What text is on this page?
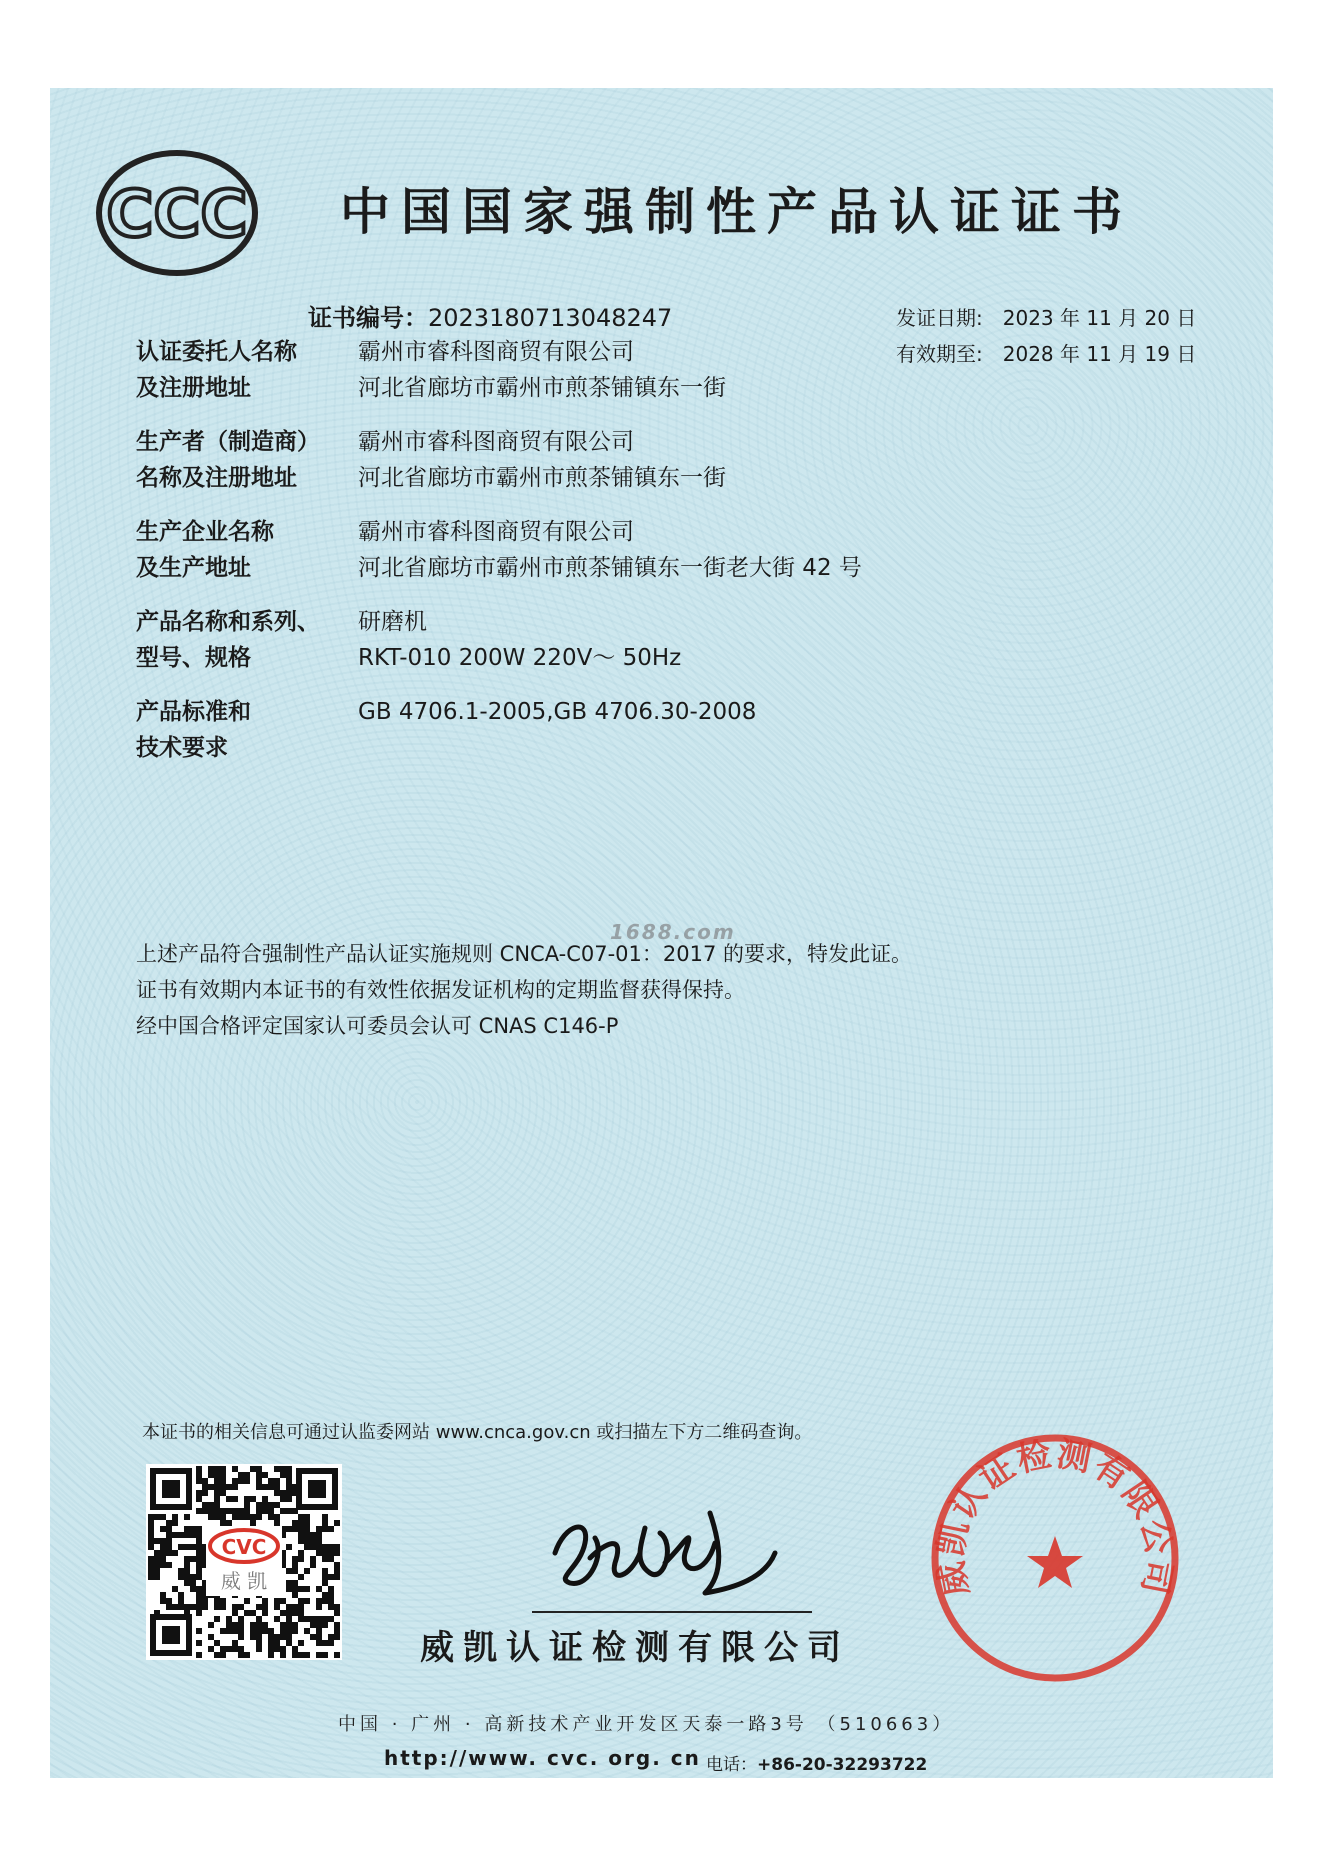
CCC 中国国家强制性产品认证证书
证书编号：2023180713048247	发证日期: 2023 年 11 月 20 日
有效期至: 2028 年 11 月 19 日
认证委托人名称
及注册地址
霸州市睿科图商贸有限公司
河北省廊坊市霸州市煎茶铺镇东一街
生产者（制造商）
名称及注册地址
霸州市睿科图商贸有限公司
河北省廊坊市霸州市煎茶铺镇东一街
生产企业名称
及生产地址
霸州市睿科图商贸有限公司
河北省廊坊市霸州市煎茶铺镇东一街老大街 42 号
产品名称和系列、
型号、规格
研磨机
RKT-010 200W 220V～ 50Hz
产品标准和
技术要求
GB 4706.1-2005,GB 4706.30-2008
1688.com
上述产品符合强制性产品认证实施规则 CNCA-C07-01：2017 的要求，特发此证。
证书有效期内本证书的有效性依据发证机构的定期监督获得保持。
经中国合格评定国家认可委员会认可 CNAS C146-P
本证书的相关信息可通过认监委网站 www.cnca.gov.cn 或扫描左下方二维码查询。
CVC
威 凯
威凯认证检测有限公司
威凯认证检测有限公司
中国 · 广州 · 高新技术产业开发区天泰一路3号 （510663）
http://www. cvc. org. cn 电话：+86-20-32293722
